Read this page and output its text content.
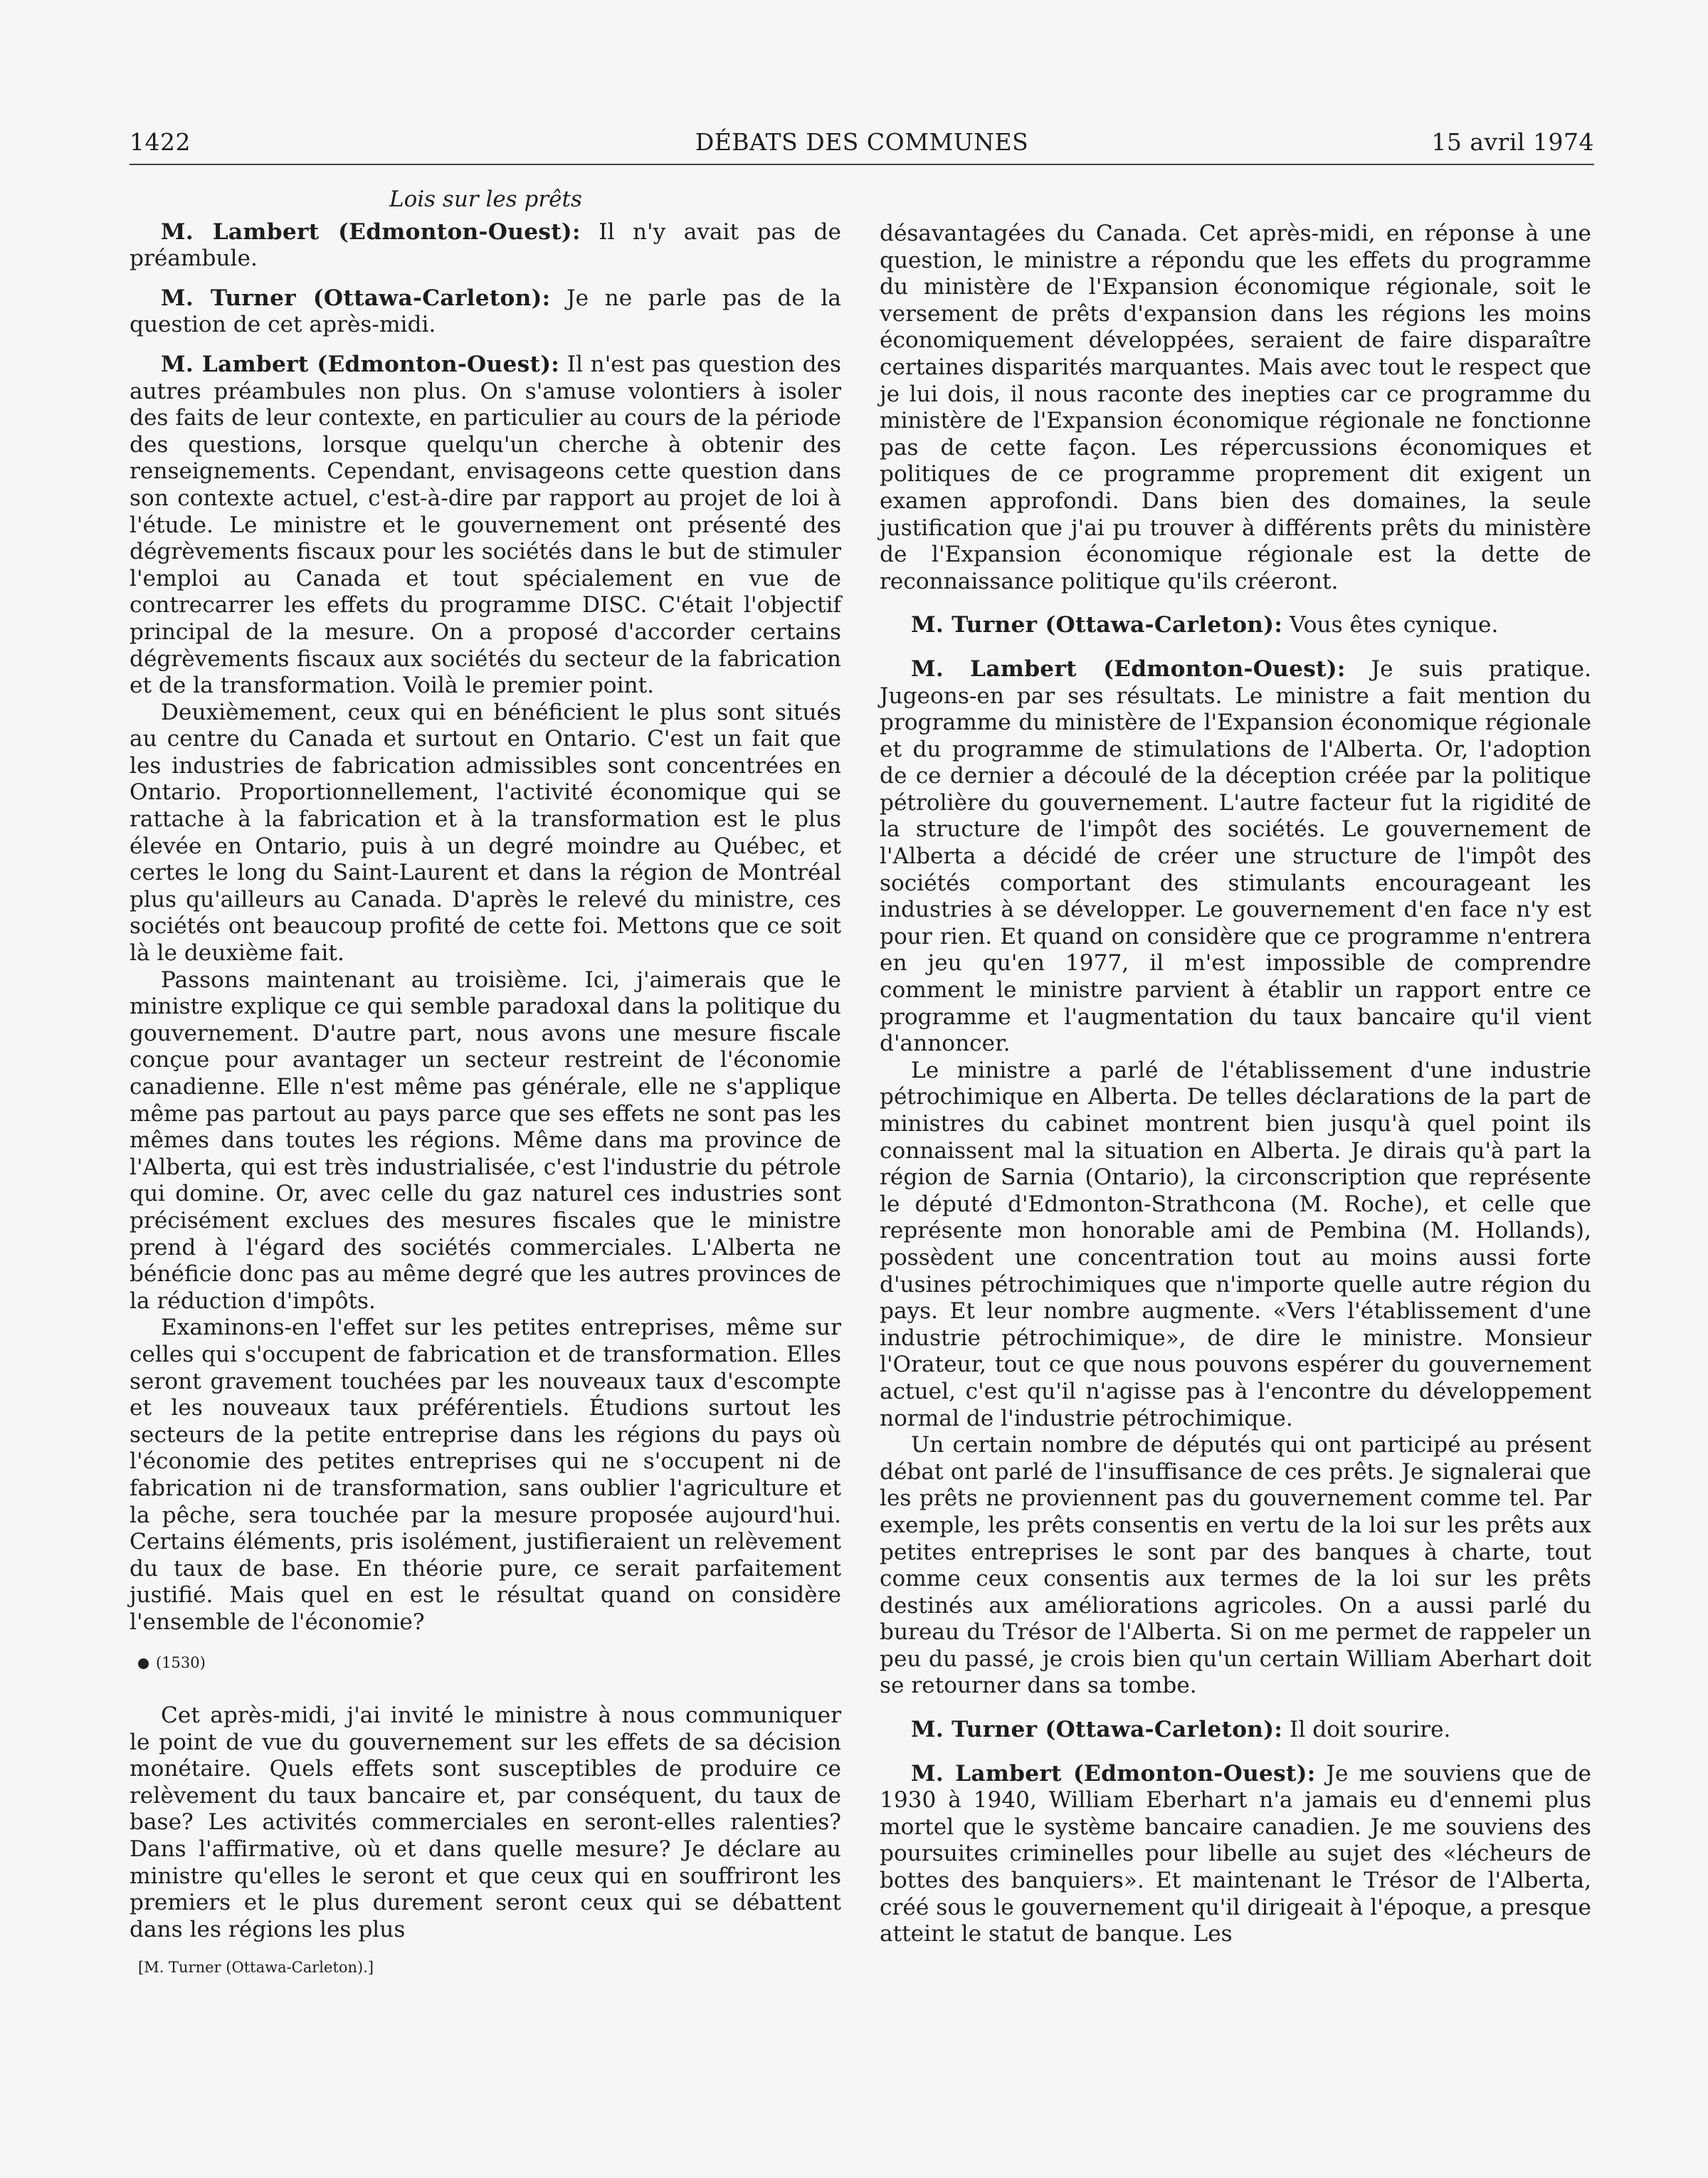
1422	DÉBATS DES COMMUNES	15 avril 1974
Lois sur les prêts

M. Lambert (Edmonton-Ouest): Il n'y avait pas de préambule.

M. Turner (Ottawa-Carleton): Je ne parle pas de la question de cet après-midi.

M. Lambert (Edmonton-Ouest): Il n'est pas question des autres préambules non plus. On s'amuse volontiers à isoler des faits de leur contexte, en particulier au cours de la période des questions, lorsque quelqu'un cherche à obtenir des renseignements. Cependant, envisageons cette question dans son contexte actuel, c'est-à-dire par rapport au projet de loi à l'étude. Le ministre et le gouvernement ont présenté des dégrèvements fiscaux pour les sociétés dans le but de stimuler l'emploi au Canada et tout spécialement en vue de contrecarrer les effets du programme DISC. C'était l'objectif principal de la mesure. On a proposé d'accorder certains dégrèvements fiscaux aux sociétés du secteur de la fabrication et de la transformation. Voilà le premier point.

Deuxièmement, ceux qui en bénéficient le plus sont situés au centre du Canada et surtout en Ontario. C'est un fait que les industries de fabrication admissibles sont concentrées en Ontario. Proportionnellement, l'activité économique qui se rattache à la fabrication et à la transformation est le plus élevée en Ontario, puis à un degré moindre au Québec, et certes le long du Saint-Laurent et dans la région de Montréal plus qu'ailleurs au Canada. D'après le relevé du ministre, ces sociétés ont beaucoup profité de cette foi. Mettons que ce soit là le deuxième fait.

Passons maintenant au troisième. Ici, j'aimerais que le ministre explique ce qui semble paradoxal dans la politique du gouvernement. D'autre part, nous avons une mesure fiscale conçue pour avantager un secteur restreint de l'économie canadienne. Elle n'est même pas générale, elle ne s'applique même pas partout au pays parce que ses effets ne sont pas les mêmes dans toutes les régions. Même dans ma province de l'Alberta, qui est très industrialisée, c'est l'industrie du pétrole qui domine. Or, avec celle du gaz naturel ces industries sont précisément exclues des mesures fiscales que le ministre prend à l'égard des sociétés commerciales. L'Alberta ne bénéficie donc pas au même degré que les autres provinces de la réduction d'impôts.

Examinons-en l'effet sur les petites entreprises, même sur celles qui s'occupent de fabrication et de transformation. Elles seront gravement touchées par les nouveaux taux d'escompte et les nouveaux taux préférentiels. Étudions surtout les secteurs de la petite entreprise dans les régions du pays où l'économie des petites entreprises qui ne s'occupent ni de fabrication ni de transformation, sans oublier l'agriculture et la pêche, sera touchée par la mesure proposée aujourd'hui. Certains éléments, pris isolément, justifieraient un relèvement du taux de base. En théorie pure, ce serait parfaitement justifié. Mais quel en est le résultat quand on considère l'ensemble de l'économie?

(1530)

Cet après-midi, j'ai invité le ministre à nous communiquer le point de vue du gouvernement sur les effets de sa décision monétaire. Quels effets sont susceptibles de produire ce relèvement du taux bancaire et, par conséquent, du taux de base? Les activités commerciales en seront-elles ralenties? Dans l'affirmative, où et dans quelle mesure? Je déclare au ministre qu'elles le seront et que ceux qui en souffriront les premiers et le plus durement seront ceux qui se débattent dans les régions les plus

[M. Turner (Ottawa-Carleton).]

désavantagées du Canada. Cet après-midi, en réponse à une question, le ministre a répondu que les effets du programme du ministère de l'Expansion économique régionale, soit le versement de prêts d'expansion dans les régions les moins économiquement développées, seraient de faire disparaître certaines disparités marquantes. Mais avec tout le respect que je lui dois, il nous raconte des inepties car ce programme du ministère de l'Expansion économique régionale ne fonctionne pas de cette façon. Les répercussions économiques et politiques de ce programme proprement dit exigent un examen approfondi. Dans bien des domaines, la seule justification que j'ai pu trouver à différents prêts du ministère de l'Expansion économique régionale est la dette de reconnaissance politique qu'ils créeront.

M. Turner (Ottawa-Carleton): Vous êtes cynique.

M. Lambert (Edmonton-Ouest): Je suis pratique. Jugeons-en par ses résultats. Le ministre a fait mention du programme du ministère de l'Expansion économique régionale et du programme de stimulations de l'Alberta. Or, l'adoption de ce dernier a découlé de la déception créée par la politique pétrolière du gouvernement. L'autre facteur fut la rigidité de la structure de l'impôt des sociétés. Le gouvernement de l'Alberta a décidé de créer une structure de l'impôt des sociétés comportant des stimulants encourageant les industries à se développer. Le gouvernement d'en face n'y est pour rien. Et quand on considère que ce programme n'entrera en jeu qu'en 1977, il m'est impossible de comprendre comment le ministre parvient à établir un rapport entre ce programme et l'augmentation du taux bancaire qu'il vient d'annoncer.

Le ministre a parlé de l'établissement d'une industrie pétrochimique en Alberta. De telles déclarations de la part de ministres du cabinet montrent bien jusqu'à quel point ils connaissent mal la situation en Alberta. Je dirais qu'à part la région de Sarnia (Ontario), la circonscription que représente le député d'Edmonton-Strathcona (M. Roche), et celle que représente mon honorable ami de Pembina (M. Hollands), possèdent une concentration tout au moins aussi forte d'usines pétrochimiques que n'importe quelle autre région du pays. Et leur nombre augmente. «Vers l'établissement d'une industrie pétrochimique», de dire le ministre. Monsieur l'Orateur, tout ce que nous pouvons espérer du gouvernement actuel, c'est qu'il n'agisse pas à l'encontre du développement normal de l'industrie pétrochimique.

Un certain nombre de députés qui ont participé au présent débat ont parlé de l'insuffisance de ces prêts. Je signalerai que les prêts ne proviennent pas du gouvernement comme tel. Par exemple, les prêts consentis en vertu de la loi sur les prêts aux petites entreprises le sont par des banques à charte, tout comme ceux consentis aux termes de la loi sur les prêts destinés aux améliorations agricoles. On a aussi parlé du bureau du Trésor de l'Alberta. Si on me permet de rappeler un peu du passé, je crois bien qu'un certain William Aberhart doit se retourner dans sa tombe.

M. Turner (Ottawa-Carleton): Il doit sourire.

M. Lambert (Edmonton-Ouest): Je me souviens que de 1930 à 1940, William Eberhart n'a jamais eu d'ennemi plus mortel que le système bancaire canadien. Je me souviens des poursuites criminelles pour libelle au sujet des «lécheurs de bottes des banquiers». Et maintenant le Trésor de l'Alberta, créé sous le gouvernement qu'il dirigeait à l'époque, a presque atteint le statut de banque. Les
